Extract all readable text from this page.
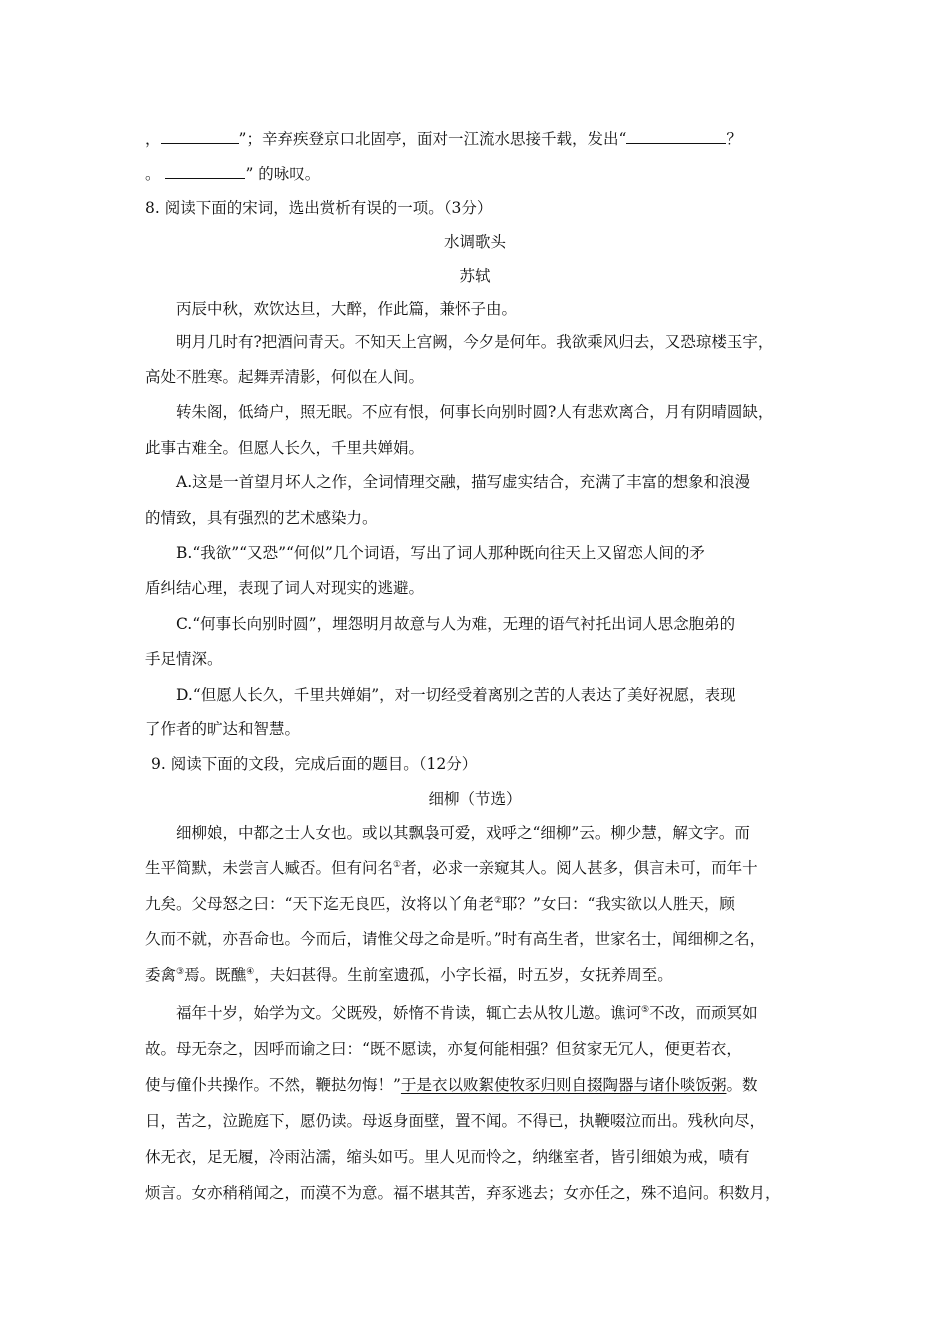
，	”；辛弃疾登京口北固亭，面对一江流水思接千载，发出“	？
。	” 的咏叹。
8. 阅读下面的宋词，选出赏析有误的一项。（3分）
水调歌头
苏轼
丙辰中秋，欢饮达旦，大醉，作此篇，兼怀子由。
明月几时有?把酒问青天。不知天上宫阙，今夕是何年。我欲乘风归去，又恐琼楼玉宇，
高处不胜寒。起舞弄清影，何似在人间。
转朱阁，低绮户，照无眠。不应有恨，何事长向别时圆?人有悲欢离合，月有阴晴圆缺，
此事古难全。但愿人长久，千里共婵娟。
A.这是一首望月坏人之作，全词情理交融，描写虚实结合，充满了丰富的想象和浪漫
的情致，具有强烈的艺术感染力。
B.“我欲”“又恐”“何似”几个词语，写出了词人那种既向往天上又留恋人间的矛
盾纠结心理，表现了词人对现实的逃避。
C.“何事长向别时圆”，埋怨明月故意与人为难，无理的语气衬托出词人思念胞弟的
手足情深。
D.“但愿人长久，千里共婵娟”，对一切经受着离别之苦的人表达了美好祝愿，表现
了作者的旷达和智慧。
9. 阅读下面的文段，完成后面的题目。（12分）
细柳（节选）
细柳娘，中都之士人女也。或以其飘袅可爱，戏呼之“细柳”云。柳少慧，解文字。而
生平简默，未尝言人臧否。但有问名①者，必求一亲窥其人。阅人甚多，俱言未可，而年十
九矣。父母怒之曰：“天下迄无良匹，汝将以丫角老②耶？”女曰：“我实欲以人胜天，顾
久而不就，亦吾命也。今而后，请惟父母之命是听。”时有高生者，世家名士，闻细柳之名，
委禽③焉。既醮④，夫妇甚得。生前室遗孤，小字长福，时五岁，女抚养周至。
福年十岁，始学为文。父既殁，娇惰不肯读，辄亡去从牧儿遨。谯诃⑤不改，而顽冥如
故。母无奈之，因呼而谕之曰：“既不愿读，亦复何能相强？但贫家无冗人，便更若衣，
使与僮仆共操作。不然，鞭挞勿悔！”于是衣以败絮使牧豕归则自掇陶器与诸仆啖饭粥。数
日，苦之，泣跪庭下，愿仍读。母返身面壁，置不闻。不得已，执鞭啜泣而出。残秋向尽，
休无衣，足无履，冷雨沾濡，缩头如丐。里人见而怜之，纳继室者，皆引细娘为戒，啧有
烦言。女亦稍稍闻之，而漠不为意。福不堪其苦，弃豕逃去；女亦任之，殊不追问。积数月，
